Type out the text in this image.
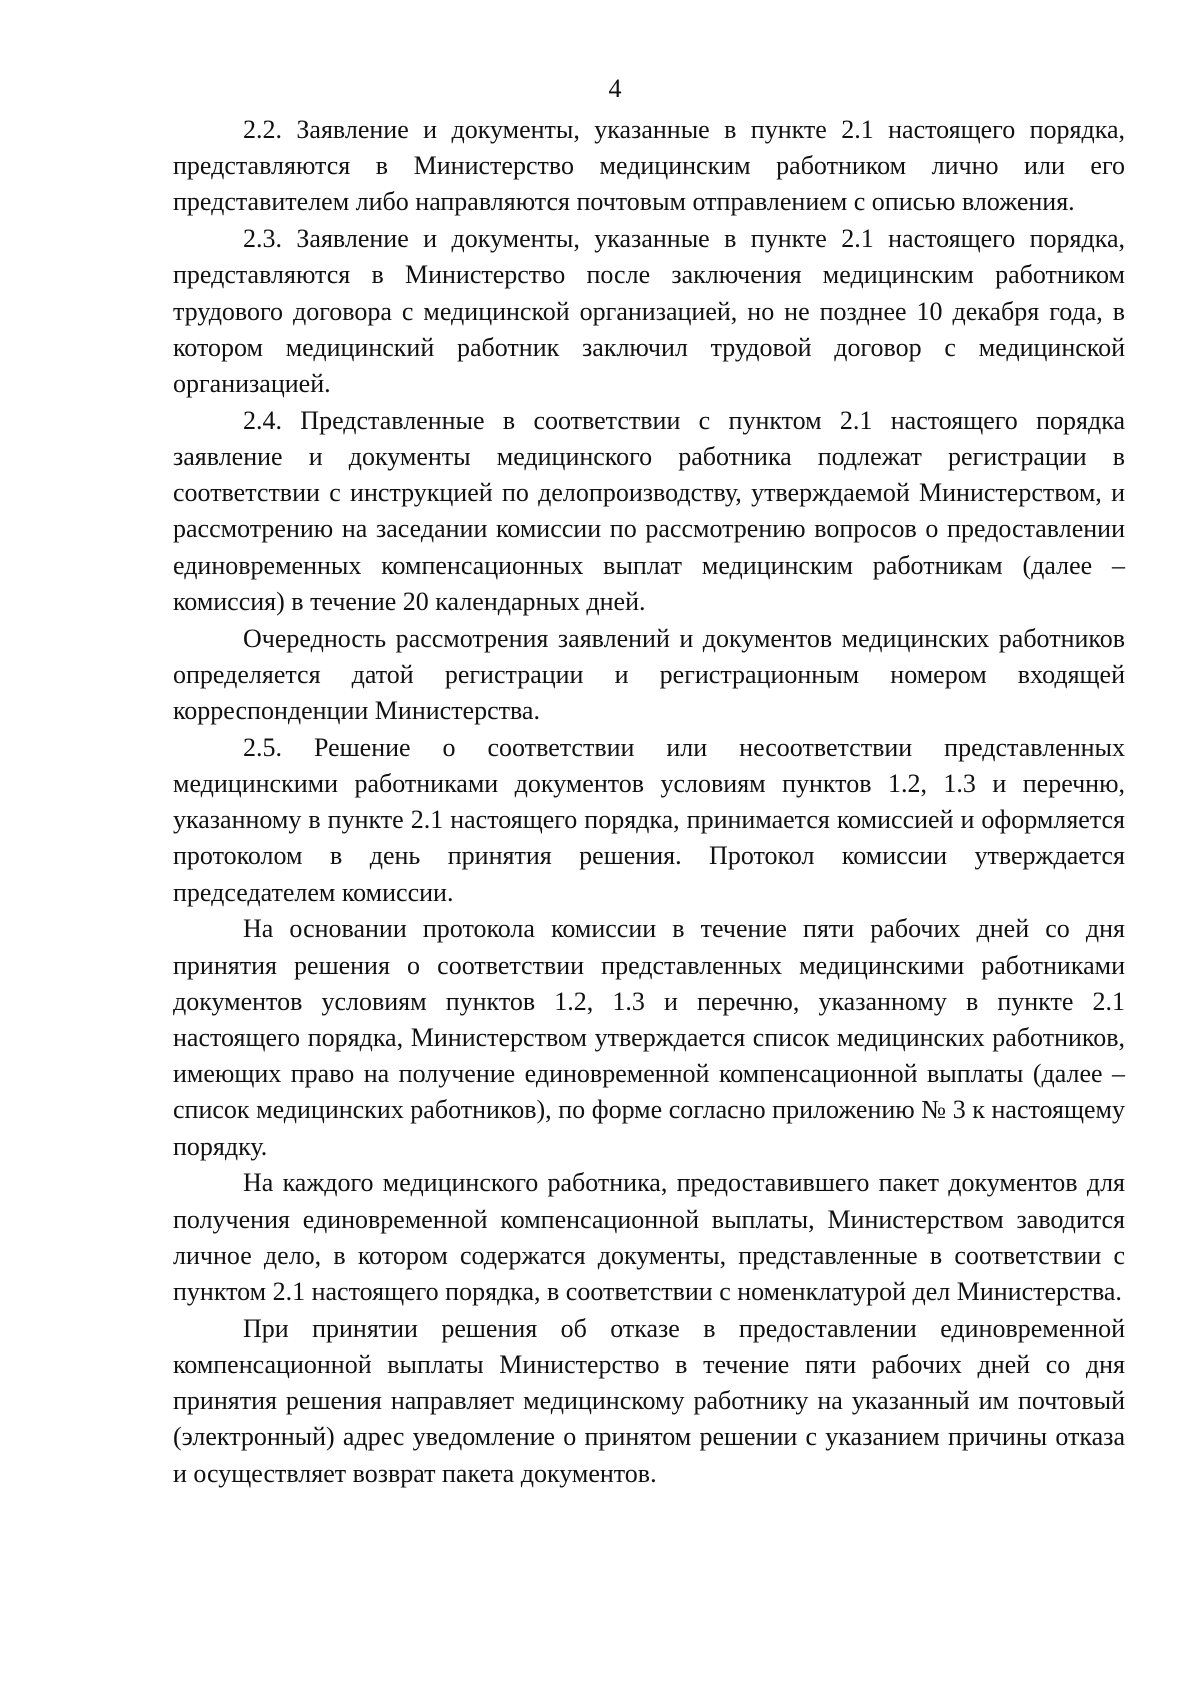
4

2.2. Заявление и документы, указанные в пункте 2.1 настоящего порядка, представляются в Министерство медицинским работником лично или его представителем либо направляются почтовым отправлением с описью вложения.

2.3. Заявление и документы, указанные в пункте 2.1 настоящего порядка, представляются в Министерство после заключения медицинским работником трудового договора с медицинской организацией, но не позднее 10 декабря года, в котором медицинский работник заключил трудовой договор с медицинской организацией.

2.4. Представленные в соответствии с пунктом 2.1 настоящего порядка заявление и документы медицинского работника подлежат регистрации в соответствии с инструкцией по делопроизводству, утверждаемой Министерством, и рассмотрению на заседании комиссии по рассмотрению вопросов о предоставлении единовременных компенсационных выплат медицинским работникам (далее – комиссия) в течение 20 календарных дней.

Очередность рассмотрения заявлений и документов медицинских работников определяется датой регистрации и регистрационным номером входящей корреспонденции Министерства.

2.5. Решение о соответствии или несоответствии представленных медицинскими работниками документов условиям пунктов 1.2, 1.3 и перечню, указанному в пункте 2.1 настоящего порядка, принимается комиссией и оформляется протоколом в день принятия решения. Протокол комиссии утверждается председателем комиссии.

На основании протокола комиссии в течение пяти рабочих дней со дня принятия решения о соответствии представленных медицинскими работниками документов условиям пунктов 1.2, 1.3 и перечню, указанному в пункте 2.1 настоящего порядка, Министерством утверждается список медицинских работников, имеющих право на получение единовременной компенсационной выплаты (далее – список медицинских работников), по форме согласно приложению № 3 к настоящему порядку.

На каждого медицинского работника, предоставившего пакет документов для получения единовременной компенсационной выплаты, Министерством заводится личное дело, в котором содержатся документы, представленные в соответствии с пунктом 2.1 настоящего порядка, в соответствии с номенклатурой дел Министерства.

При принятии решения об отказе в предоставлении единовременной компенсационной выплаты Министерство в течение пяти рабочих дней со дня принятия решения направляет медицинскому работнику на указанный им почтовый (электронный) адрес уведомление о принятом решении с указанием причины отказа и осуществляет возврат пакета документов.
